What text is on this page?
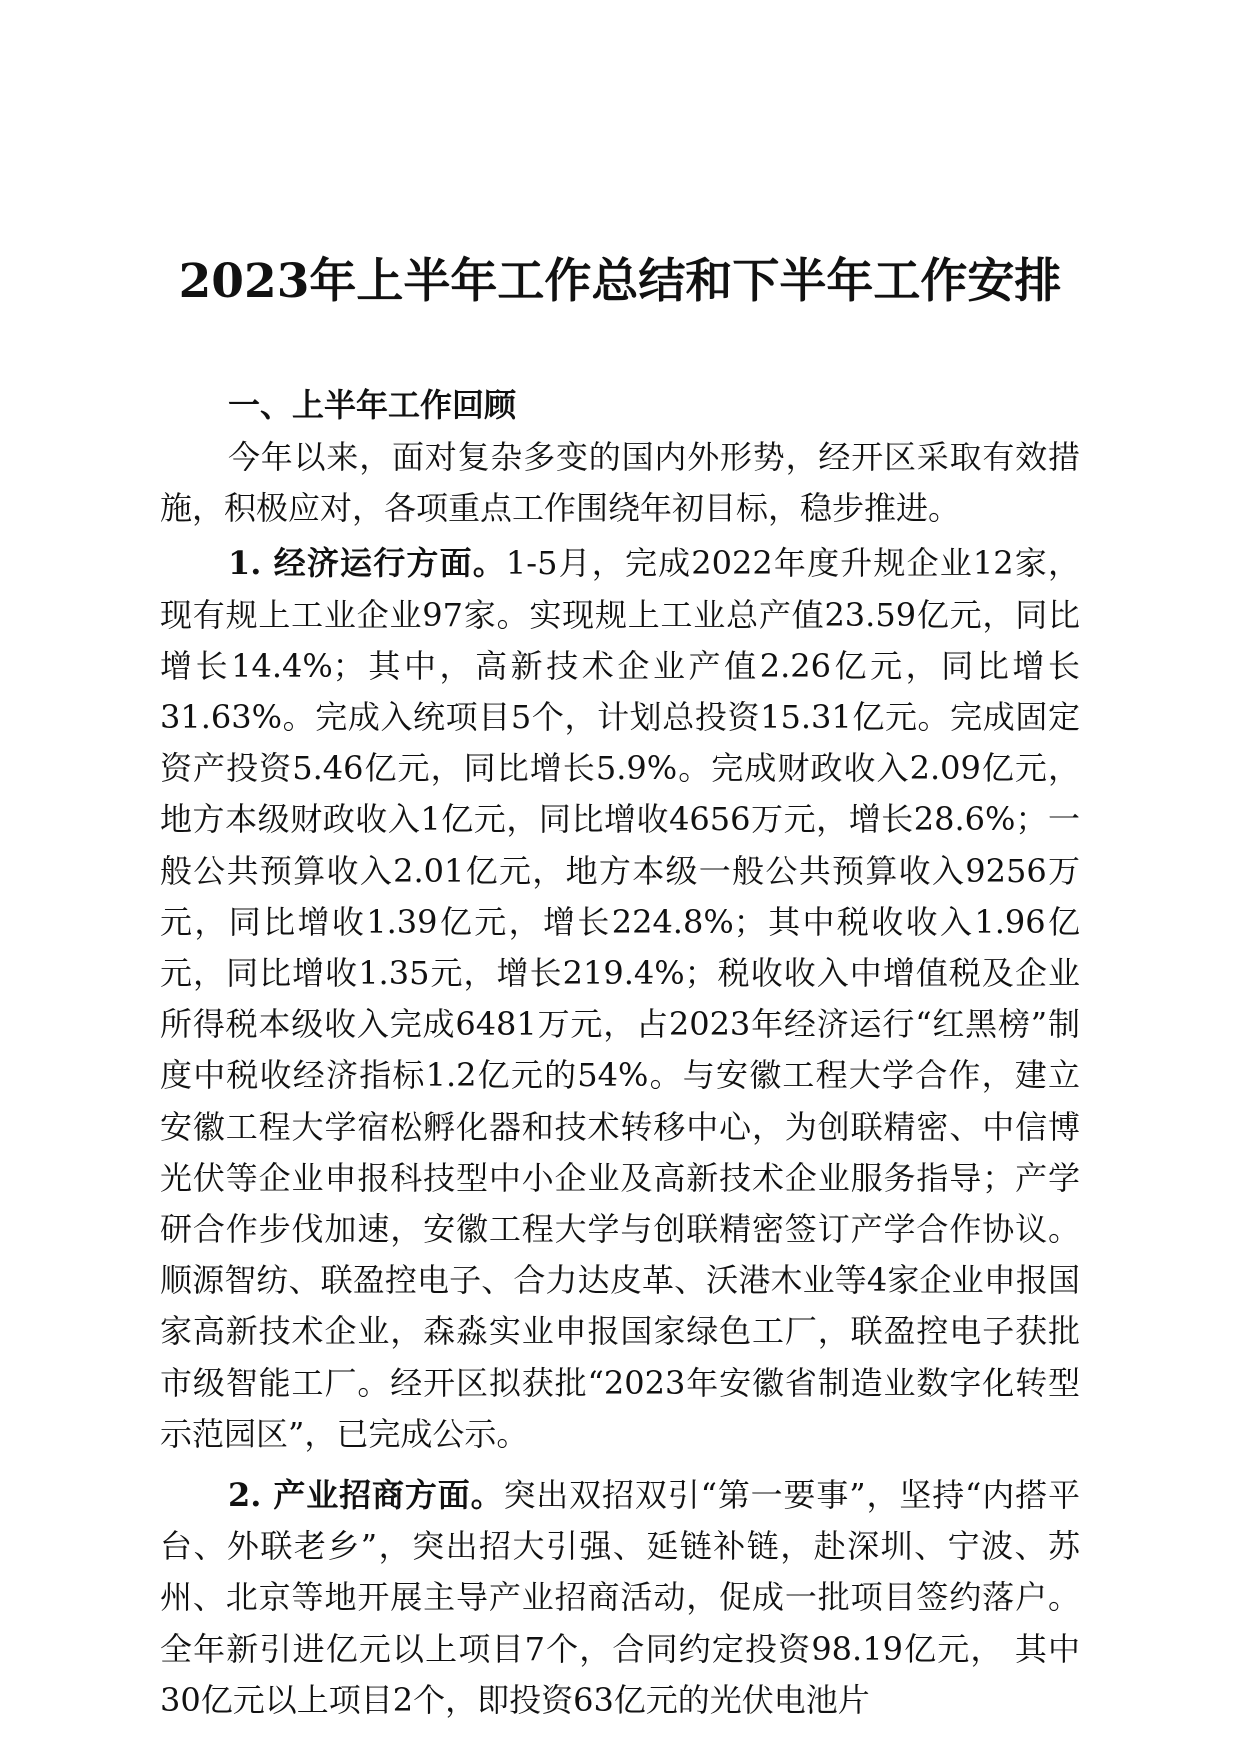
2023年上半年工作总结和下半年工作安排
一、上半年工作回顾

今年以来，面对复杂多变的国内外形势，经开区采取有效措施，积极应对，各项重点工作围绕年初目标，稳步推进。

1. 经济运行方面。1-5月，完成2022年度升规企业12家，现有规上工业企业97家。实现规上工业总产值23.59亿元，同比增长14.4%；其中，高新技术企业产值2.26亿元，同比增长31.63%。完成入统项目5个，计划总投资15.31亿元。完成固定资产投资5.46亿元，同比增长5.9%。完成财政收入2.09亿元，地方本级财政收入1亿元，同比增收4656万元，增长28.6%；一般公共预算收入2.01亿元，地方本级一般公共预算收入9256万元，同比增收1.39亿元，增长224.8%；其中税收收入1.96亿元，同比增收1.35元，增长219.4%；税收收入中增值税及企业所得税本级收入完成6481万元，占2023年经济运行“红黑榜”制度中税收经济指标1.2亿元的54%。与安徽工程大学合作，建立安徽工程大学宿松孵化器和技术转移中心，为创联精密、中信博光伏等企业申报科技型中小企业及高新技术企业服务指导；产学研合作步伐加速，安徽工程大学与创联精密签订产学合作协议。顺源智纺、联盈控电子、合力达皮革、沃港木业等4家企业申报国家高新技术企业，森淼实业申报国家绿色工厂，联盈控电子获批市级智能工厂。经开区拟获批“2023年安徽省制造业数字化转型示范园区”，已完成公示。

2. 产业招商方面。突出双招双引“第一要事”，坚持“内搭平台、外联老乡”，突出招大引强、延链补链，赴深圳、宁波、苏州、北京等地开展主导产业招商活动，促成一批项目签约落户。全年新引进亿元以上项目7个，合同约定投资98.19亿元， 其中30亿元以上项目2个，即投资63亿元的光伏电池片
